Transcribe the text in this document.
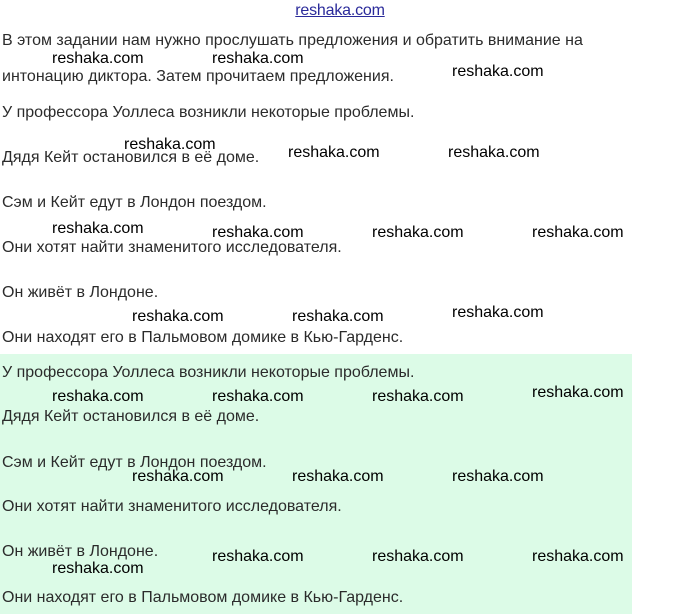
reshaka.com
В этом задании нам нужно прослушать предложения и обратить внимание на
интонацию диктора. Затем прочитаем предложения.
У профессора Уоллеса возникли некоторые проблемы.
Дядя Кейт остановился в её доме.
Сэм и Кейт едут в Лондон поездом.
Они хотят найти знаменитого исследователя.
Он живёт в Лондоне.
Они находят его в Пальмовом домике в Кью-Гарденс.
У профессора Уоллеса возникли некоторые проблемы.
Дядя Кейт остановился в её доме.
Сэм и Кейт едут в Лондон поездом.
Они хотят найти знаменитого исследователя.
Он живёт в Лондоне.
Они находят его в Пальмовом домике в Кью-Гарденс.
reshaka.com	reshaka.com
reshaka.com
reshaka.com	reshaka.com	reshaka.com
reshaka.com	reshaka.com	reshaka.com	reshaka.com
reshaka.com	reshaka.com	reshaka.com
reshaka.com	reshaka.com	reshaka.com	reshaka.com
reshaka.com	reshaka.com	reshaka.com
reshaka.com	reshaka.com	reshaka.com
reshaka.com
